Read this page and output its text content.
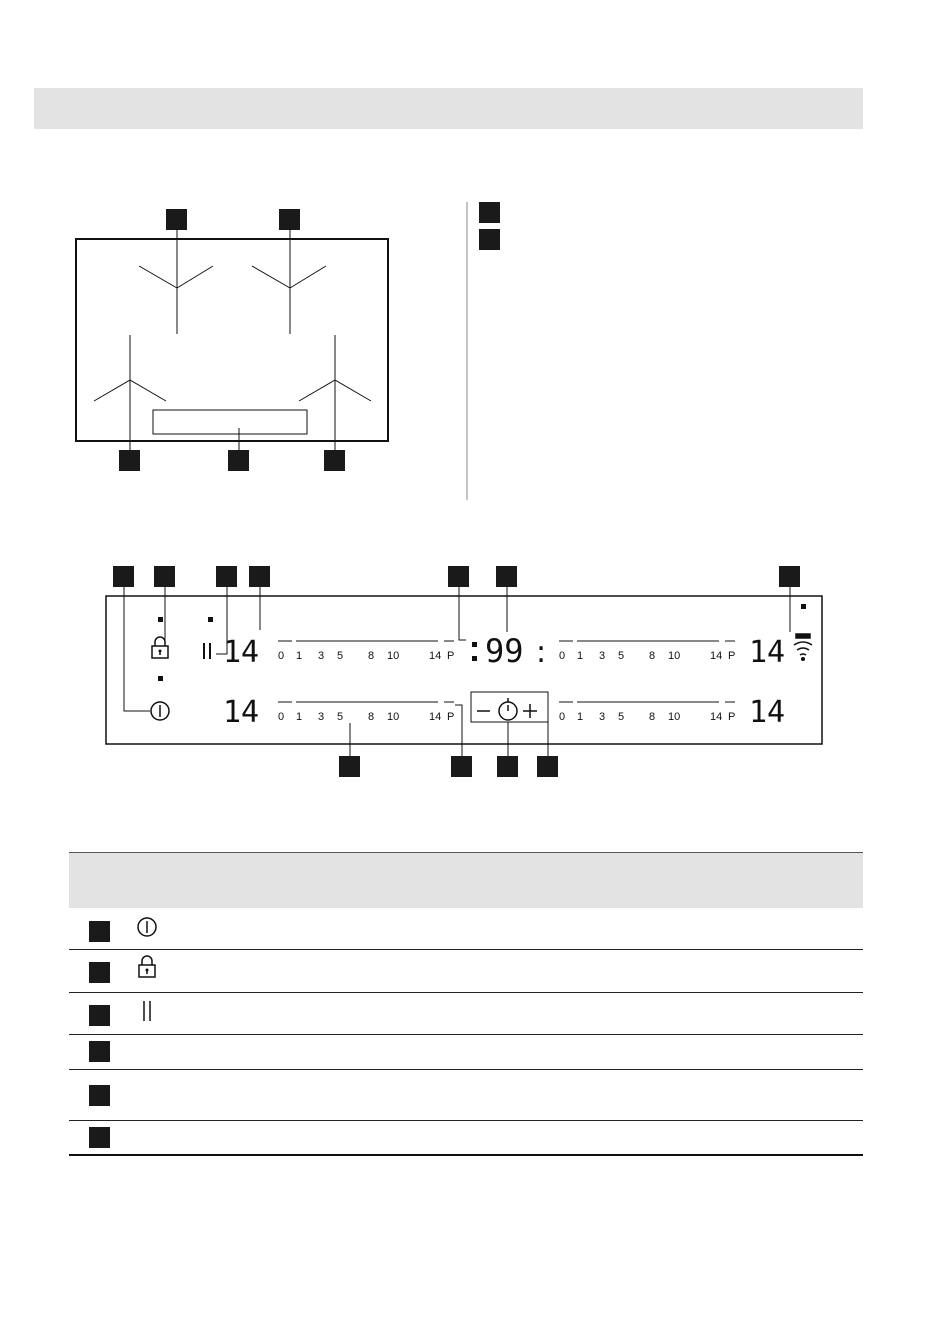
14	99 :	14
14	14
0 1 3 5 8 10	14 P
0 1 3 5 8 10	14 P
0 1 3 5 8 10	14 P
0 1 3 5 8 10	14 P
